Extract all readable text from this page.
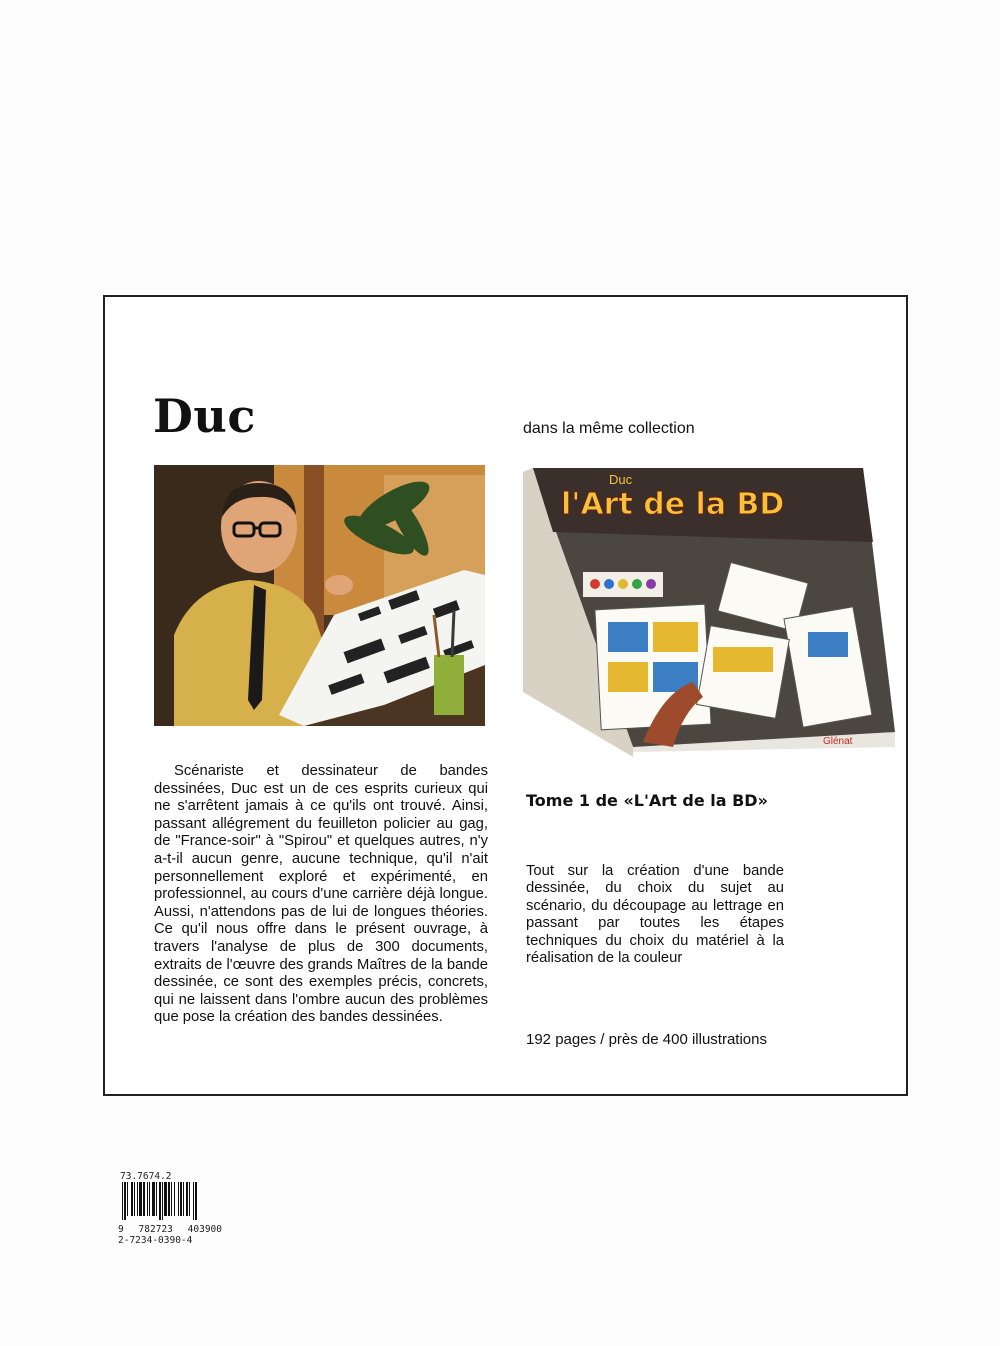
Duc	dans la même collection

Scénariste et dessinateur de bandes dessinées, Duc est un de ces esprits curieux qui ne s'arrêtent jamais à ce qu'ils ont trouvé. Ainsi, passant allégrement du feuilleton policier au gag, de "France-soir" à "Spirou" et quelques autres, n'y a-t-il aucun genre, aucune technique, qu'il n'ait personnellement exploré et expérimenté, en professionnel, au cours d'une carrière déjà longue. Aussi, n'attendons pas de lui de longues théories. Ce qu'il nous offre dans le présent ouvrage, à travers l'analyse de plus de 300 documents, extraits de l'œuvre des grands Maîtres de la bande dessinée, ce sont des exemples précis, concrets, qui ne laissent dans l'ombre aucun des problèmes que pose la création des bandes dessinées.

Duc
l'Art de la BD
Glénat
Tome 1 de «L'Art de la BD»

Tout sur la création d'une bande dessinée, du choix du sujet au scénario, du découpage au lettrage en passant par toutes les étapes techniques du choix du matériel à la réalisation de la couleur

192 pages / près de 400 illustrations
73.7674.2
9 782723 403900
2-7234-0390-4
